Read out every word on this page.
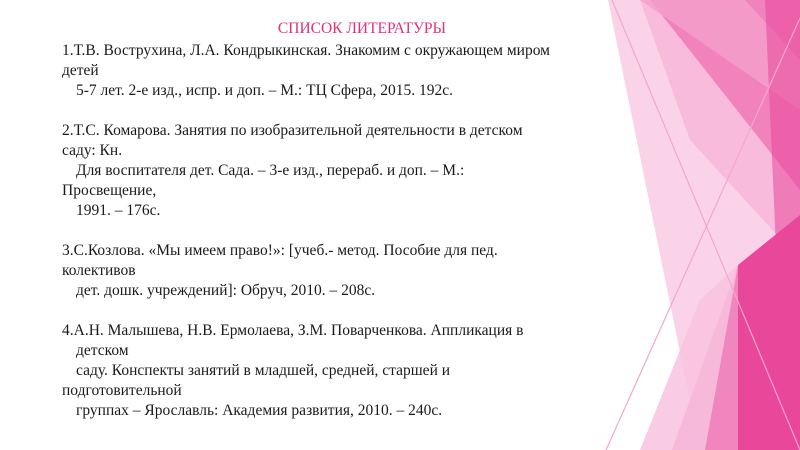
СПИСОК ЛИТЕРАТУРЫ
1.Т.В. Вострухина, Л.А. Кондрыкинская. Знакомим с окружающем миром
детей
5-7 лет. 2-е изд., испр. и доп. – М.: ТЦ Сфера, 2015. 192с.
2.Т.С. Комарова. Занятия по изобразительной деятельности в детском
саду: Кн.
Для воспитателя дет. Сада. – 3-е изд., перераб. и доп. – М.:
Просвещение,
1991. – 176с.
3.С.Козлова. «Мы имеем право!»: [учеб.- метод. Пособие для пед.
колективов
дет. дошк. учреждений]: Обруч, 2010. – 208с.
4.А.Н. Малышева, Н.В. Ермолаева, З.М. Поварченкова. Аппликация в
детском
саду. Конспекты занятий в младшей, средней, старшей и
подготовительной
группах – Ярославль: Академия развития, 2010. – 240с.
